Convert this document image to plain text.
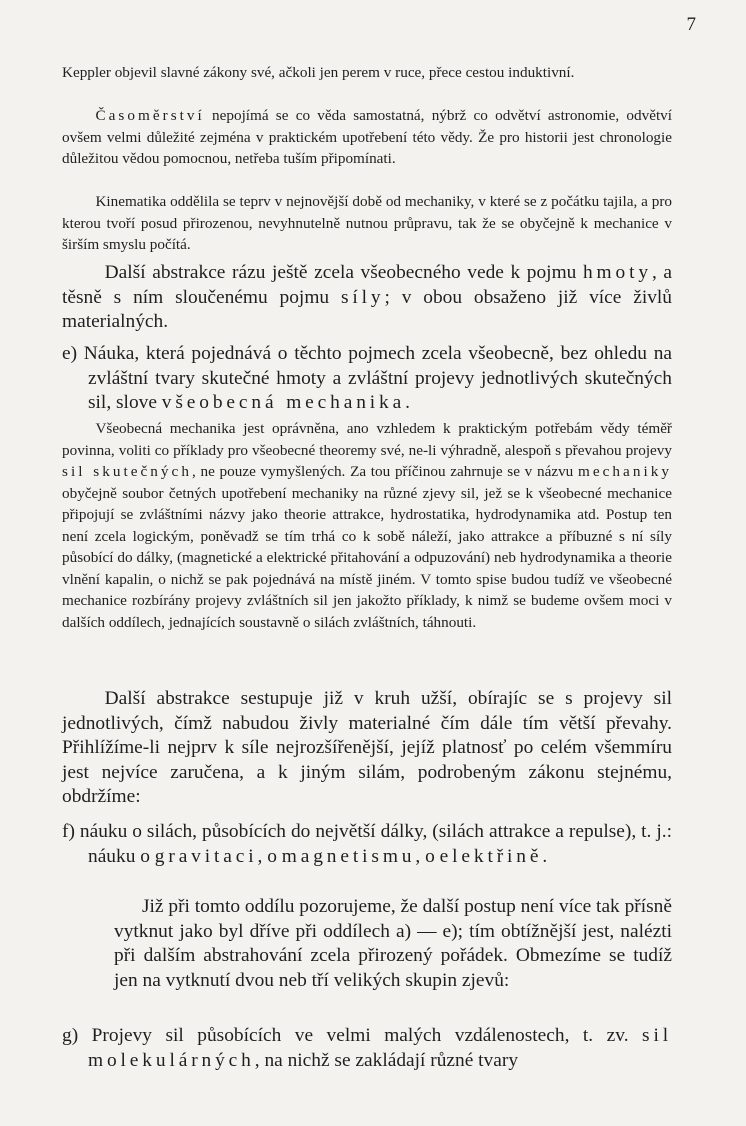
7

Keppler objevil slavné zákony své, ačkoli jen perem v ruce, přece cestou induktivní.

Časoměrství nepojímá se co věda samostatná, nýbrž co odvětví astronomie, odvětví ovšem velmi důležité zejména v praktickém upotřebení této vědy. Že pro historii jest chronologie důležitou vědou pomocnou, netřeba tuším připomínati.

Kinematika oddělila se teprv v nejnovější době od mechaniky, v které se z počátku tajila, a pro kterou tvoří posud přirozenou, nevyhnutelně nutnou průpravu, tak že se obyčejně k mechanice v širším smyslu počítá.

Další abstrakce rázu ještě zcela všeobecného vede k pojmu hmoty, a těsně s ním sloučenému pojmu síly; v obou obsaženo již více živlů materialných.

e) Náuka, která pojednává o těchto pojmech zcela všeobecně, bez ohledu na zvláštní tvary skutečné hmoty a zvláštní projevy jednotlivých skutečných sil, slove všeobecná mechanika.

Všeobecná mechanika jest oprávněna, ano vzhledem k praktickým potřebám vědy téměř povinna, voliti co příklady pro všeobecné theoremy své, ne-li výhradně, alespoň s převahou projevy sil skutečných, ne pouze vymyšlených. Za tou příčinou zahrnuje se v názvu mechaniky obyčejně soubor četných upotřebení mechaniky na různé zjevy sil, jež se k všeobecné mechanice připojují se zvláštními názvy jako theorie attrakce, hydrostatika, hydrodynamika atd. Postup ten není zcela logickým, poněvadž se tím trhá co k sobě náleží, jako attrakce a příbuzné s ní síly působící do dálky, (magnetické a elektrické přitahování a odpuzování) neb hydrodynamika a theorie vlnění kapalin, o nichž se pak pojednává na místě jiném. V tomto spise budou tudíž ve všeobecné mechanice rozbírány projevy zvláštních sil jen jakožto příklady, k nimž se budeme ovšem moci v dalších oddílech, jednajících soustavně o silách zvláštních, táhnouti.

Další abstrakce sestupuje již v kruh užší, obírajíc se s projevy sil jednotlivých, čímž nabudou živly materialné čím dále tím větší převahy. Přihlížíme-li nejprv k síle nejrozšířenější, jejíž platnosť po celém všemmíru jest nejvíce zaručena, a k jiným silám, podrobeným zákonu stejnému, obdržíme:

f) náuku o silách, působících do největší dálky, (silách attrakce a repulse), t. j.: náuku o gravitaci, o magnetismu, o elektřině.

Již při tomto oddílu pozorujeme, že další postup není více tak přísně vytknut jako byl dříve při oddílech a) — e); tím obtížnější jest, nalézti při dalším abstrahování zcela přirozený pořádek. Obmezíme se tudíž jen na vytknutí dvou neb tří velikých skupin zjevů:

g) Projevy sil působících ve velmi malých vzdálenostech, t. zv. sil molekulárných, na nichž se zakládají různé tvary
